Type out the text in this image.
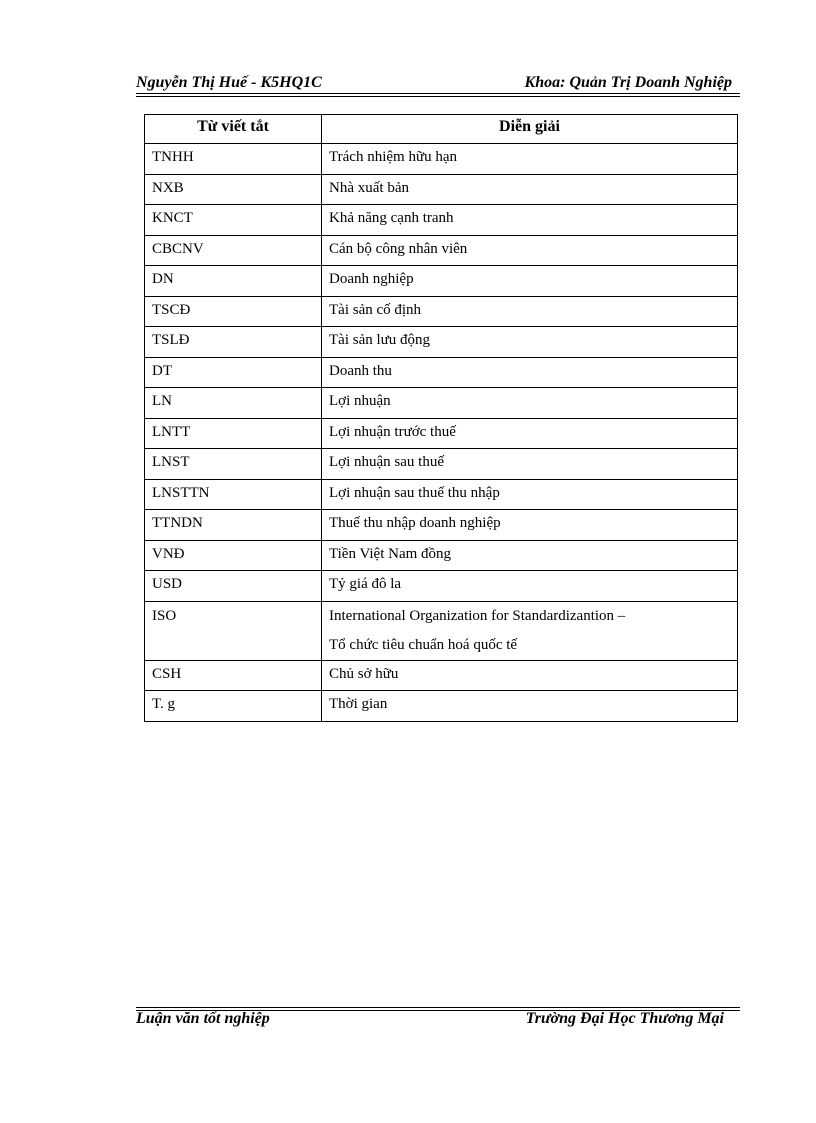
Nguyễn Thị Huế - K5HQ1C	Khoa: Quản Trị Doanh Nghiệp
Từ viết tắt	Diễn giải
TNHH	Trách nhiệm hữu hạn
NXB	Nhà xuất bản
KNCT	Khả năng cạnh tranh
CBCNV	Cán bộ công nhân viên
DN	Doanh nghiệp
TSCĐ	Tài sản cố định
TSLĐ	Tài sản lưu động
DT	Doanh thu
LN	Lợi nhuận
LNTT	Lợi nhuận trước thuế
LNST	Lợi nhuận sau thuế
LNSTTN	Lợi nhuận sau thuế thu nhập
TTNDN	Thuế thu nhập doanh nghiệp
VNĐ	Tiền Việt Nam đồng
USD	Tỷ giá đô la
ISO	International Organization for Standardizantion –
Tổ chức tiêu chuẩn hoá quốc tế

CSH	Chủ sở hữu
T. g	Thời gian
Luận văn tốt nghiệp	Trường Đại Học Thương Mại
